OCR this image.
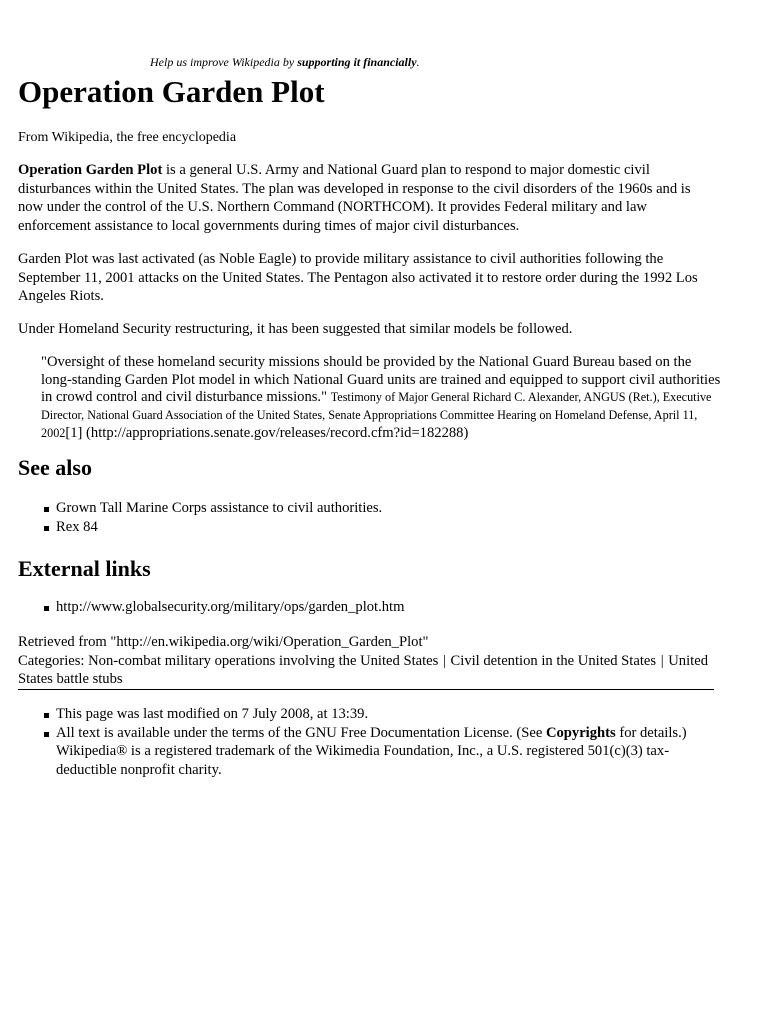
Help us improve Wikipedia by supporting it financially.
Operation Garden Plot
From Wikipedia, the free encyclopedia
Operation Garden Plot is a general U.S. Army and National Guard plan to respond to major domestic civil disturbances within the United States. The plan was developed in response to the civil disorders of the 1960s and is now under the control of the U.S. Northern Command (NORTHCOM). It provides Federal military and law enforcement assistance to local governments during times of major civil disturbances.
Garden Plot was last activated (as Noble Eagle) to provide military assistance to civil authorities following the September 11, 2001 attacks on the United States. The Pentagon also activated it to restore order during the 1992 Los Angeles Riots.
Under Homeland Security restructuring, it has been suggested that similar models be followed.
"Oversight of these homeland security missions should be provided by the National Guard Bureau based on the long-standing Garden Plot model in which National Guard units are trained and equipped to support civil authorities in crowd control and civil disturbance missions." Testimony of Major General Richard C. Alexander, ANGUS (Ret.), Executive Director, National Guard Association of the United States, Senate Appropriations Committee Hearing on Homeland Defense, April 11, 2002[1] (http://appropriations.senate.gov/releases/record.cfm?id=182288)
See also
Grown Tall Marine Corps assistance to civil authorities.
Rex 84
External links
http://www.globalsecurity.org/military/ops/garden_plot.htm
Retrieved from "http://en.wikipedia.org/wiki/Operation_Garden_Plot"
Categories: Non-combat military operations involving the United States | Civil detention in the United States | United States battle stubs
This page was last modified on 7 July 2008, at 13:39.
All text is available under the terms of the GNU Free Documentation License. (See Copyrights for details.)
Wikipedia® is a registered trademark of the Wikimedia Foundation, Inc., a U.S. registered 501(c)(3) tax-deductible nonprofit charity.
